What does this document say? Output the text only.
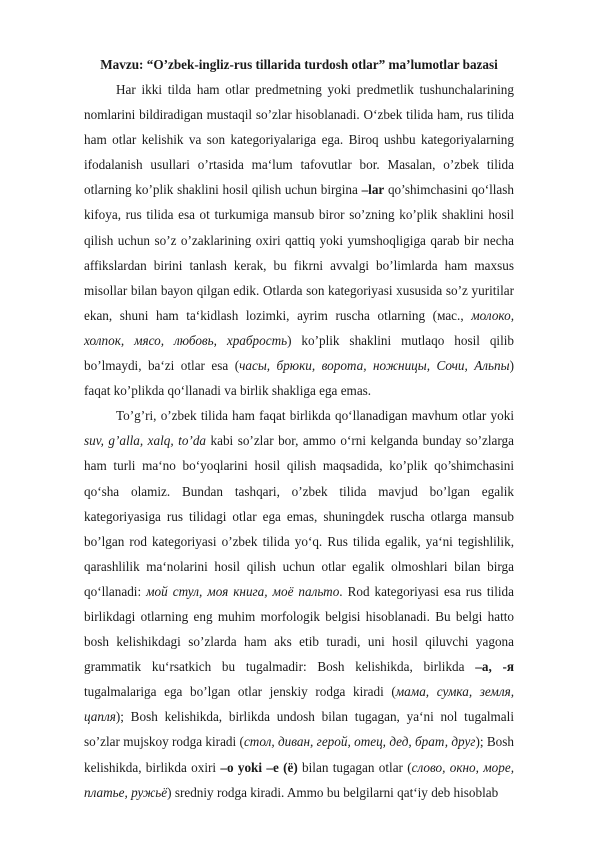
Mavzu: “O’zbek-ingliz-rus tillarida turdosh otlar” ma’lumotlar bazasi

Har ikki tilda ham otlar predmetning yoki predmetlik tushunchalarining nomlarini bildiradigan mustaqil so’zlar hisoblanadi. O‘zbek tilida ham, rus tilida ham otlar kelishik va son kategoriyalariga ega. Biroq ushbu kategoriyalarning ifodalanish usullari o’rtasida ma‘lum tafovutlar bor. Masalan, o’zbek tilida otlarning ko’plik shaklini hosil qilish uchun birgina –lar qo’shimchasini qo‘llash kifoya, rus tilida esa ot turkumiga mansub biror so’zning ko’plik shaklini hosil qilish uchun so’z o’zaklarining oxiri qattiq yoki yumshoqligiga qarab bir necha affikslardan birini tanlash kerak, bu fikrni avvalgi bo’limlarda ham maxsus misollar bilan bayon qilgan edik. Otlarda son kategoriyasi xususida so’z yuritilar ekan, shuni ham ta‘kidlash lozimki, ayrim ruscha otlarning (мас., молоко, холпок, мясо, любовь, храбрость) ko’plik shaklini mutlaqo hosil qilib bo’lmaydi, ba‘zi otlar esa (часы, брюки, ворота, ножницы, Сочи, Альпы) faqat ko’plikda qo‘llanadi va birlik shakliga ega emas.

To’g’ri, o’zbek tilida ham faqat birlikda qo‘llanadigan mavhum otlar yoki suv, g’alla, xalq, to’da kabi so’zlar bor, ammo o‘rni kelganda bunday so’zlarga ham turli ma‘no bo‘yoqlarini hosil qilish maqsadida, ko’plik qo’shimchasini qo‘sha olamiz. Bundan tashqari, o’zbek tilida mavjud bo’lgan egalik kategoriyasiga rus tilidagi otlar ega emas, shuningdek ruscha otlarga mansub bo’lgan rod kategoriyasi o’zbek tilida yo‘q. Rus tilida egalik, ya‘ni tegishlilik, qarashlilik ma‘nolarini hosil qilish uchun otlar egalik olmoshlari bilan birga qo‘llanadi: мой стул, моя книга, моё пальто. Rod kategoriyasi esa rus tilida birlikdagi otlarning eng muhim morfologik belgisi hisoblanadi. Bu belgi hatto bosh kelishikdagi so’zlarda ham aks etib turadi, uni hosil qiluvchi yagona grammatik ku‘rsatkich bu tugalmadir: Bosh kelishikda, birlikda –а, -я tugalmalariga ega bo’lgan otlar jenskiy rodga kiradi (мама, сумка, земля, цапля); Bosh kelishikda, birlikda undosh bilan tugagan, ya‘ni nol tugalmali so’zlar mujskoy rodga kiradi (стол, диван, герой, отец, дед, брат, друг); Bosh kelishikda, birlikda oxiri –о yoki –е (ё) bilan tugagan otlar (слово, окно, море, платье, ружьё) sredniy rodga kiradi. Ammo bu belgilarni qat‘iy deb hisoblab
